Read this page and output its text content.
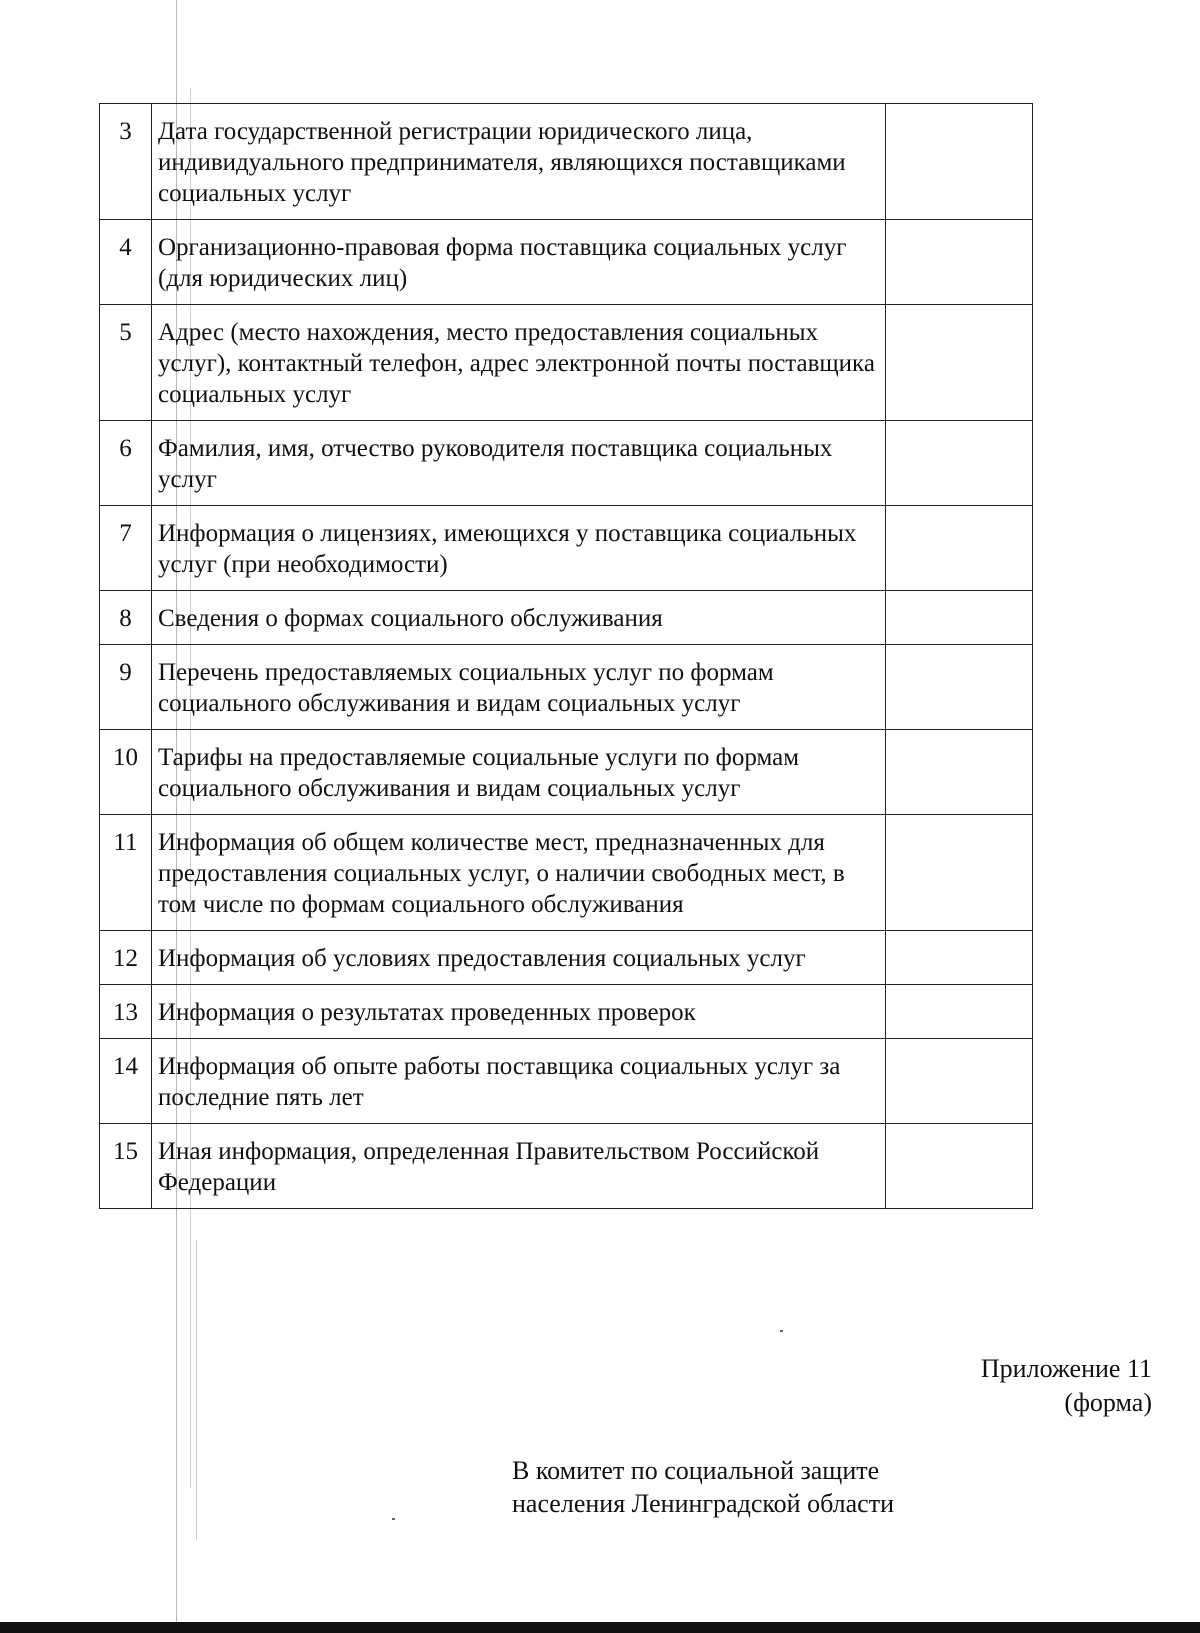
3	Дата государственной регистрации юридического лица, индивидуального предпринимателя, являющихся поставщиками социальных услуг	
4	Организационно-правовая форма поставщика социальных услуг (для юридических лиц)	
5	Адрес (место нахождения, место предоставления социальных услуг), контактный телефон, адрес электронной почты поставщика социальных услуг	
6	Фамилия, имя, отчество руководителя поставщика социальных услуг	
7	Информация о лицензиях, имеющихся у поставщика социальных услуг (при необходимости)	
8	Сведения о формах социального обслуживания	
9	Перечень предоставляемых социальных услуг по формам социального обслуживания и видам социальных услуг	
10	Тарифы на предоставляемые социальные услуги по формам социального обслуживания и видам социальных услуг	
11	Информация об общем количестве мест, предназначенных для предоставления социальных услуг, о наличии свободных мест, в том числе по формам социального обслуживания	
12	Информация об условиях предоставления социальных услуг	
13	Информация о результатах проведенных проверок	
14	Информация об опыте работы поставщика социальных услуг за последние пять лет	
15	Иная информация, определенная Правительством Российской Федерации	
Приложение 11
(форма)
В комитет по социальной защите
населения Ленинградской области
